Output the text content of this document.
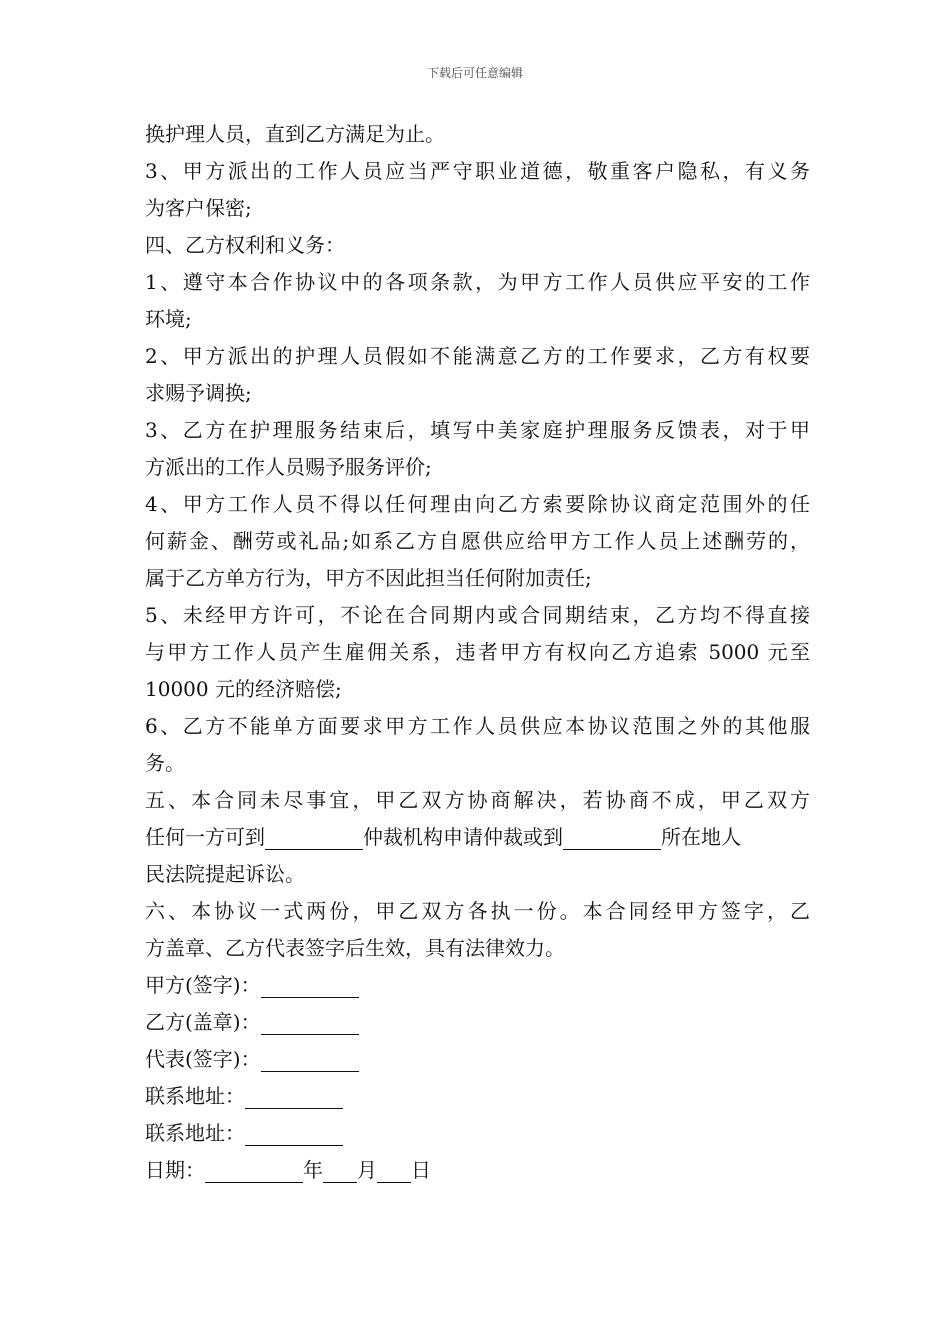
下载后可任意编辑
换护理人员，直到乙方满足为止。
3、甲方派出的工作人员应当严守职业道德，敬重客户隐私，有义务
为客户保密;
四、乙方权利和义务：
1、遵守本合作协议中的各项条款，为甲方工作人员供应平安的工作
环境;
2、甲方派出的护理人员假如不能满意乙方的工作要求，乙方有权要
求赐予调换;
3、乙方在护理服务结束后，填写中美家庭护理服务反馈表，对于甲
方派出的工作人员赐予服务评价;
4、甲方工作人员不得以任何理由向乙方索要除协议商定范围外的任
何薪金、酬劳或礼品;如系乙方自愿供应给甲方工作人员上述酬劳的，
属于乙方单方行为，甲方不因此担当任何附加责任;
5、未经甲方许可，不论在合同期内或合同期结束，乙方均不得直接
与甲方工作人员产生雇佣关系，违者甲方有权向乙方追索 5000 元至
10000 元的经济赔偿;
6、乙方不能单方面要求甲方工作人员供应本协议范围之外的其他服
务。
五、本合同未尽事宜，甲乙双方协商解决，若协商不成，甲乙双方
任何一方可到	仲裁机构申请仲裁或到	所在地人
民法院提起诉讼。
六、本协议一式两份，甲乙双方各执一份。本合同经甲方签字，乙
方盖章、乙方代表签字后生效，具有法律效力。
甲方(签字)：
乙方(盖章)：
代表(签字)：
联系地址：
联系地址：
日期：	年 月 日
